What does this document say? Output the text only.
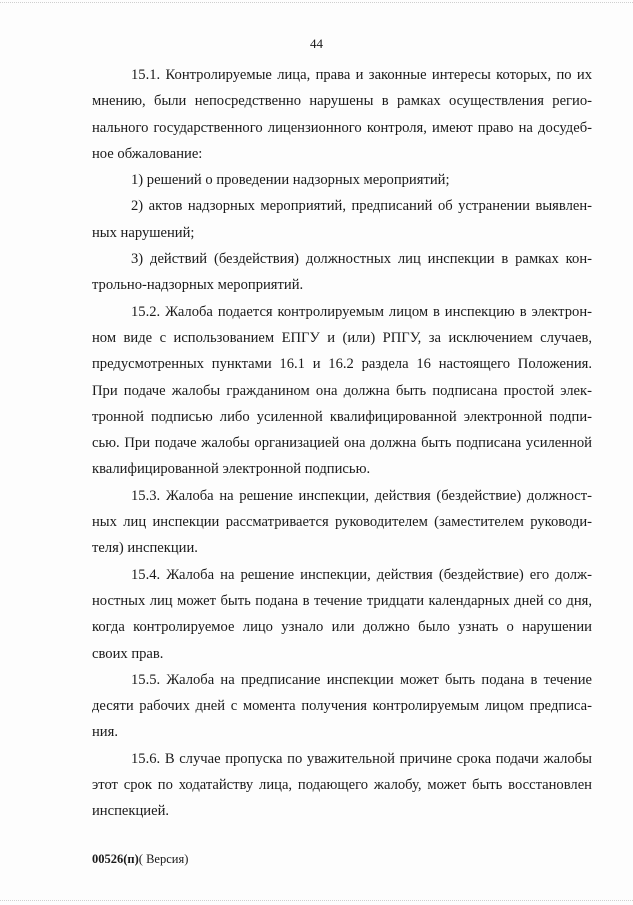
44
15.1. Контролируемые лица, права и законные интересы которых, по их
мнению, были непосредственно нарушены в рамках осуществления регио-
нального государственного лицензионного контроля, имеют право на досудеб-
ное обжалование:
1) решений о проведении надзорных мероприятий;
2) актов надзорных мероприятий, предписаний об устранении выявлен-
ных нарушений;
3) действий (бездействия) должностных лиц инспекции в рамках кон-
трольно-надзорных мероприятий.
15.2. Жалоба подается контролируемым лицом в инспекцию в электрон-
ном виде с использованием ЕПГУ и (или) РПГУ, за исключением случаев,
предусмотренных пунктами 16.1 и 16.2 раздела 16 настоящего Положения.
При подаче жалобы гражданином она должна быть подписана простой элек-
тронной подписью либо усиленной квалифицированной электронной подпи-
сью. При подаче жалобы организацией она должна быть подписана усиленной
квалифицированной электронной подписью.
15.3. Жалоба на решение инспекции, действия (бездействие) должност-
ных лиц инспекции рассматривается руководителем (заместителем руководи-
теля) инспекции.
15.4. Жалоба на решение инспекции, действия (бездействие) его долж-
ностных лиц может быть подана в течение тридцати календарных дней со дня,
когда контролируемое лицо узнало или должно было узнать о нарушении
своих прав.
15.5. Жалоба на предписание инспекции может быть подана в течение
десяти рабочих дней с момента получения контролируемым лицом предписа-
ния.
15.6. В случае пропуска по уважительной причине срока подачи жалобы
этот срок по ходатайству лица, подающего жалобу, может быть восстановлен
инспекцией.
00526(п)( Версия)
